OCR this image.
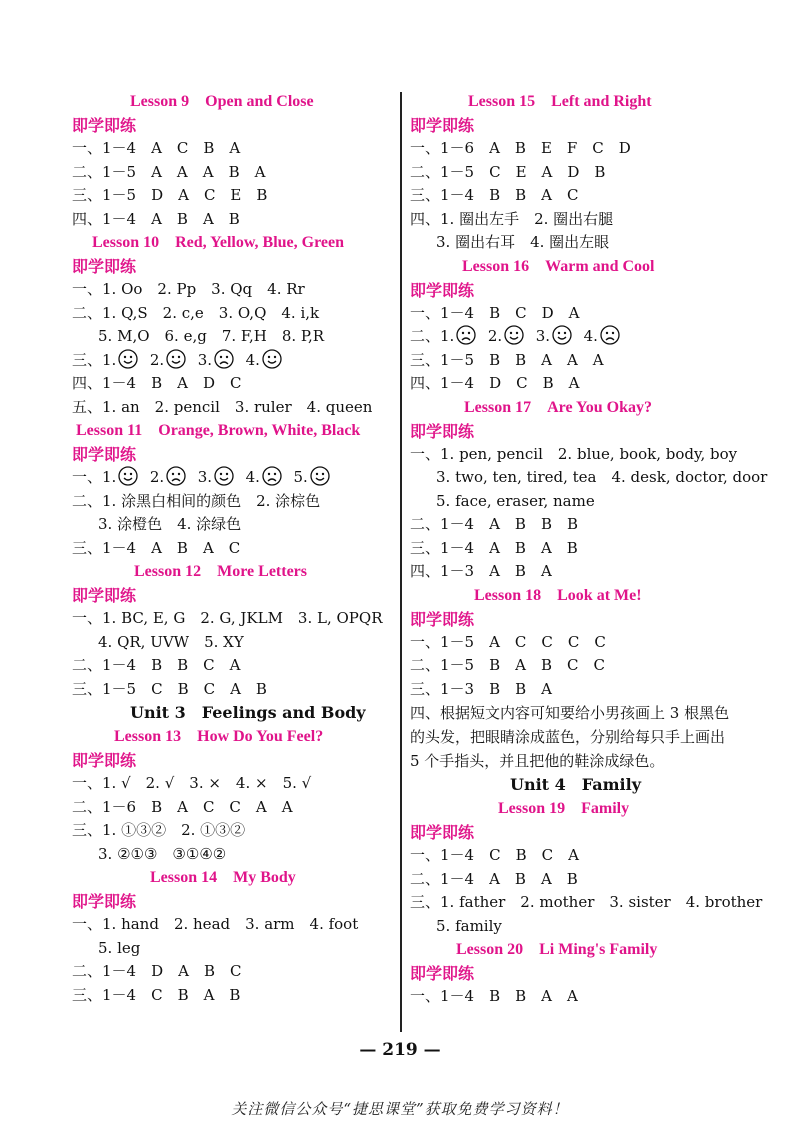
Lesson 9　Open and Close
即学即练
一、1－4　A　C　B　A
二、1－5　A　A　A　B　A
三、1－5　D　A　C　E　B
四、1－4　A　B　A　B
Lesson 10　Red, Yellow, Blue, Green
即学即练
一、1. Oo　2. Pp　3. Qq　4. Rr
二、1. Q,S　2. c,e　3. O,Q　4. i,k
5. M,O　6. e,g　7. F,H　8. P,R
三、1. 2. 3. 4.
四、1－4　B　A　D　C
五、1. an　2. pencil　3. ruler　4. queen
Lesson 11　Orange, Brown, White, Black
即学即练
一、1. 2. 3. 4. 5.
二、1. 涂黑白相间的颜色　2. 涂棕色
3. 涂橙色　4. 涂绿色
三、1－4　A　B　A　C
Lesson 12　More Letters
即学即练
一、1. BC, E, G　2. G, JKLM　3. L, OPQR
4. QR, UVW　5. XY
二、1－4　B　B　C　A
三、1－5　C　B　C　A　B
Unit 3　Feelings and Body
Lesson 13　How Do You Feel?
即学即练
一、1. √　2. √　3. ×　4. ×　5. √
二、1－6　B　A　C　C　A　A
三、1. ①③②　2. ①③②
3. ②①③　③①④②
Lesson 14　My Body
即学即练
一、1. hand　2. head　3. arm　4. foot
5. leg
二、1－4　D　A　B　C
三、1－4　C　B　A　B
Lesson 15　Left and Right
即学即练
一、1－6　A　B　E　F　C　D
二、1－5　C　E　A　D　B
三、1－4　B　B　A　C
四、1. 圈出左手　2. 圈出右腿
3. 圈出右耳　4. 圈出左眼
Lesson 16　Warm and Cool
即学即练
一、1－4　B　C　D　A
二、1. 2. 3. 4.
三、1－5　B　B　A　A　A
四、1－4　D　C　B　A
Lesson 17　Are You Okay?
即学即练
一、1. pen, pencil　2. blue, book, body, boy
3. two, ten, tired, tea　4. desk, doctor, door
5. face, eraser, name
二、1－4　A　B　B　B
三、1－4　A　B　A　B
四、1－3　A　B　A
Lesson 18　Look at Me!
即学即练
一、1－5　A　C　C　C　C
二、1－5　B　A　B　C　C
三、1－3　B　B　A
四、根据短文内容可知要给小男孩画上 3 根黑色的头发，把眼睛涂成蓝色，分别给每只手上画出 5 个手指头，并且把他的鞋涂成绿色。
Unit 4　Family
Lesson 19　Family
即学即练
一、1－4　C　B　C　A
二、1－4　A　B　A　B
三、1. father　2. mother　3. sister　4. brother
5. family
Lesson 20　Li Ming's Family
即学即练
一、1－4　B　B　A　A
— 219 —
关注微信公众号“捷思课堂”获取免费学习资料！
